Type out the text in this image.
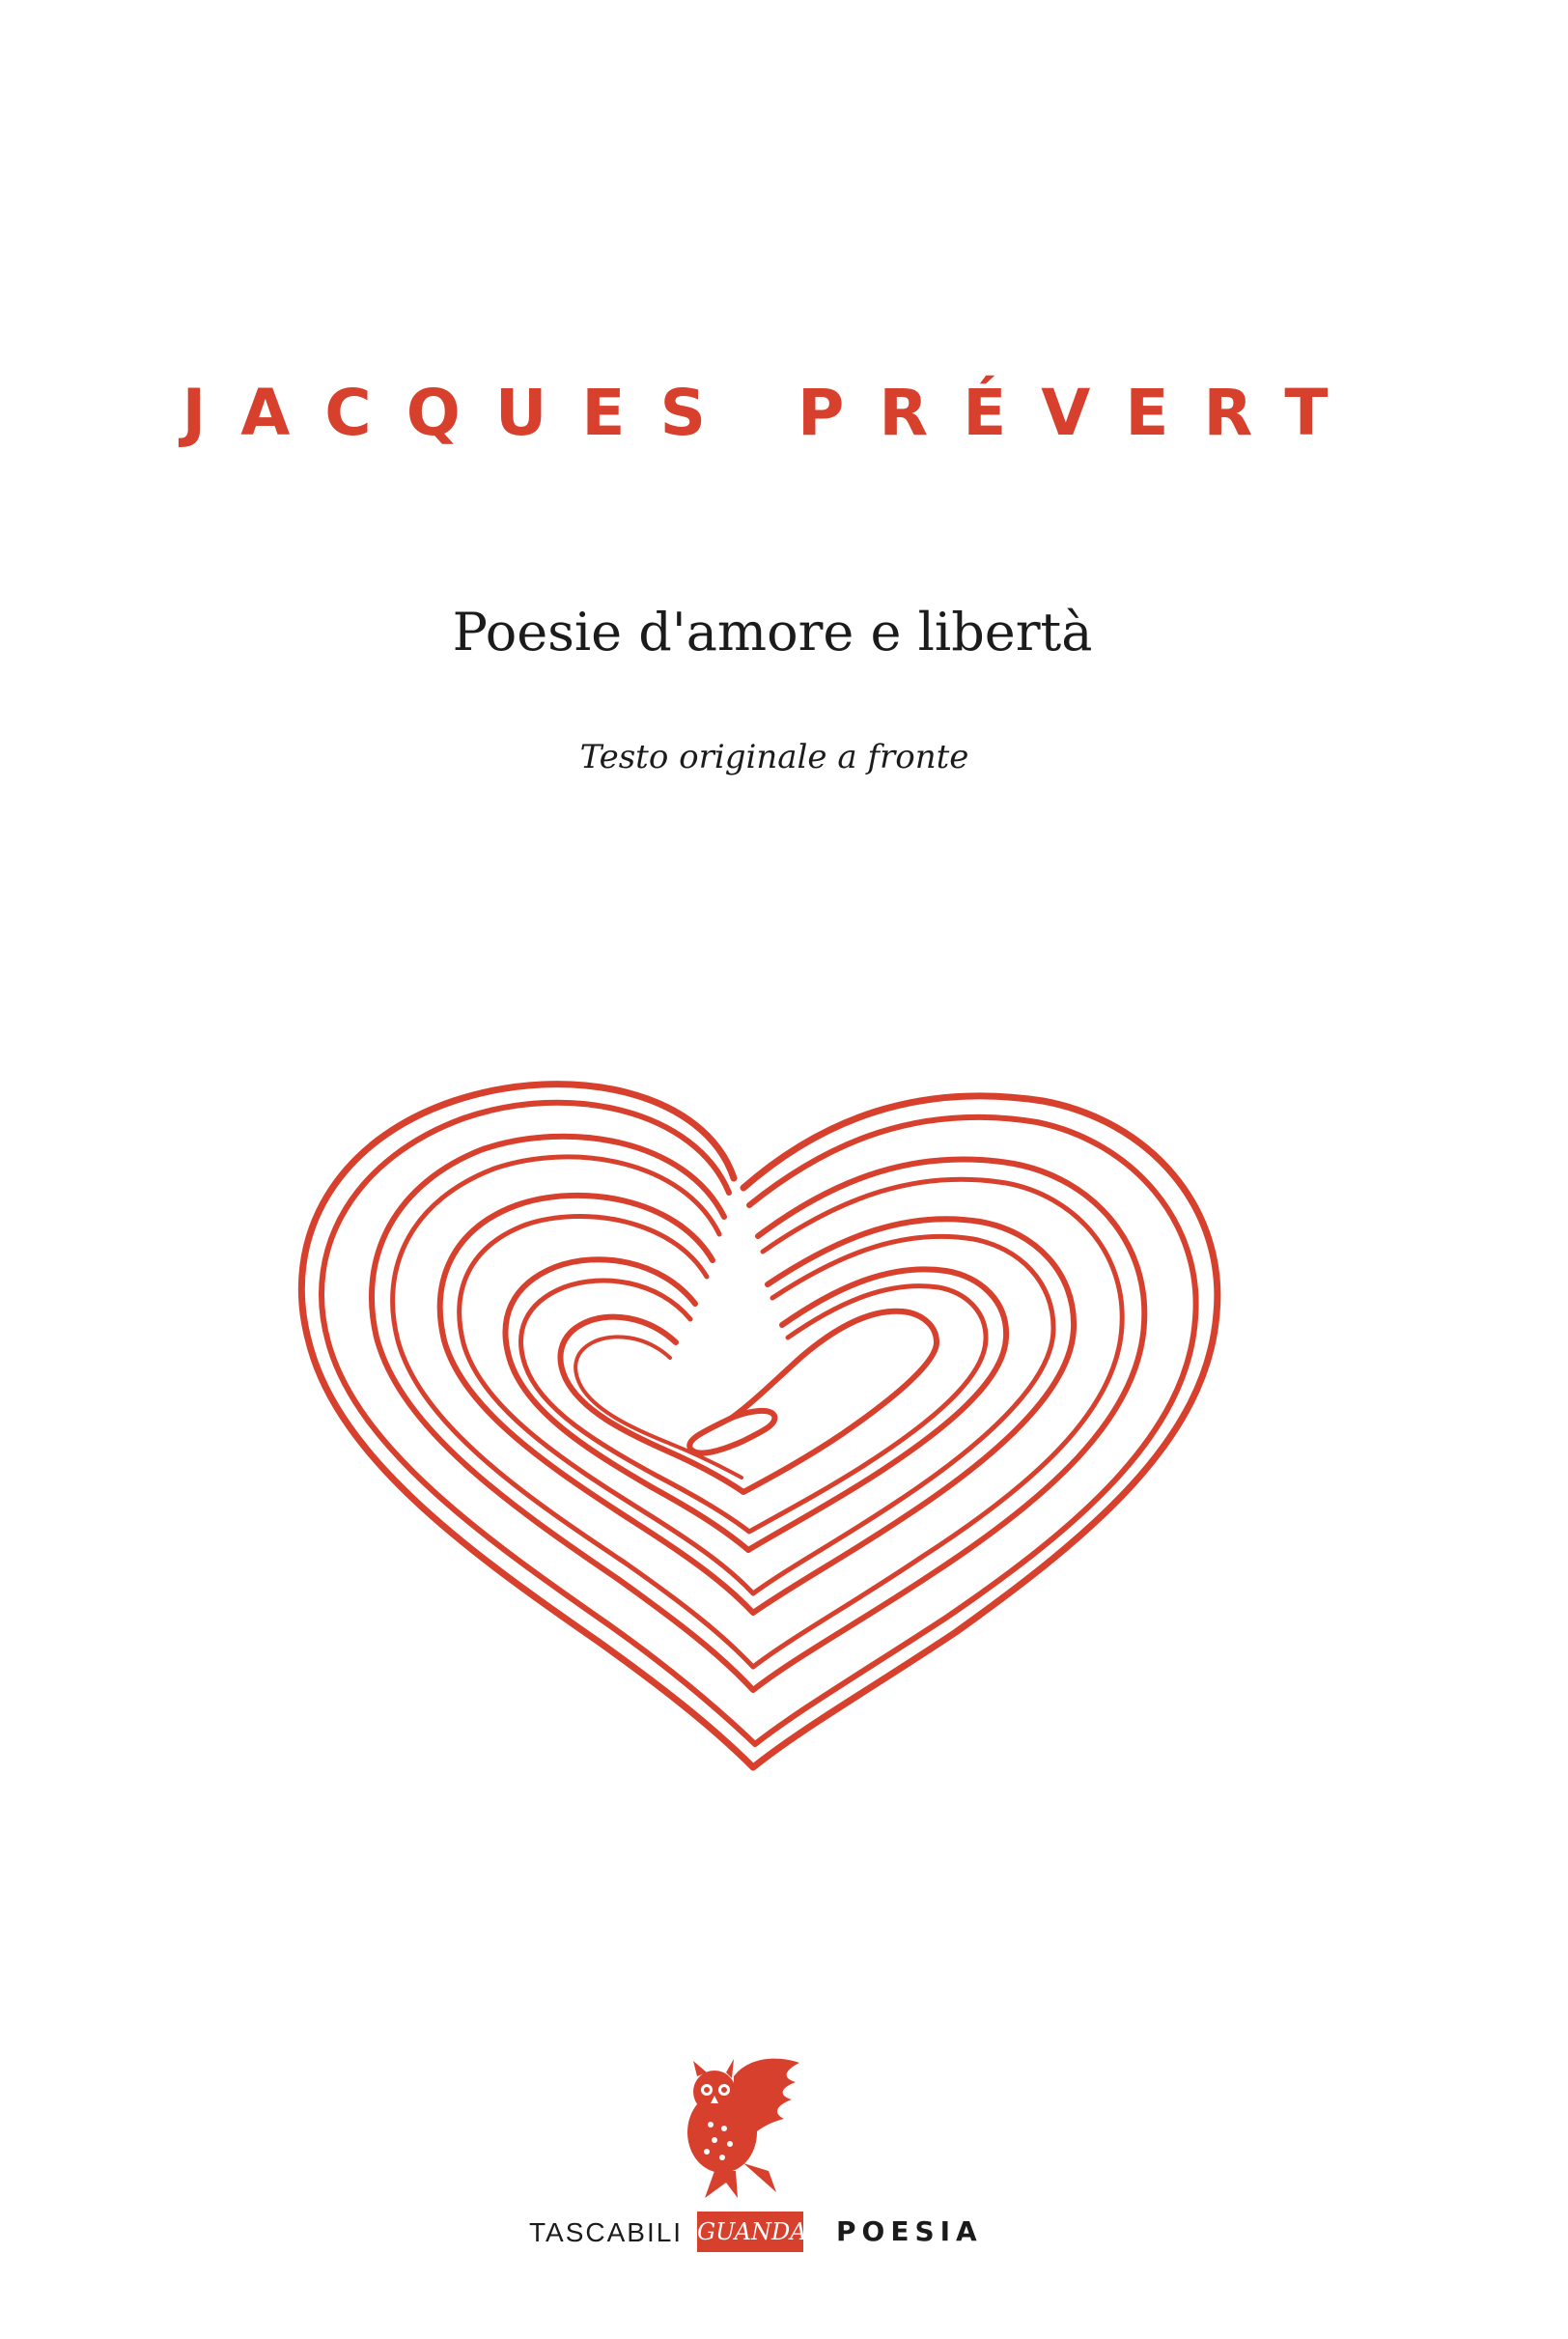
JACQUES PRÉVERT
Poesie d'amore e libertà
Testo originale a fronte
TASCABILI GUANDA POESIA
